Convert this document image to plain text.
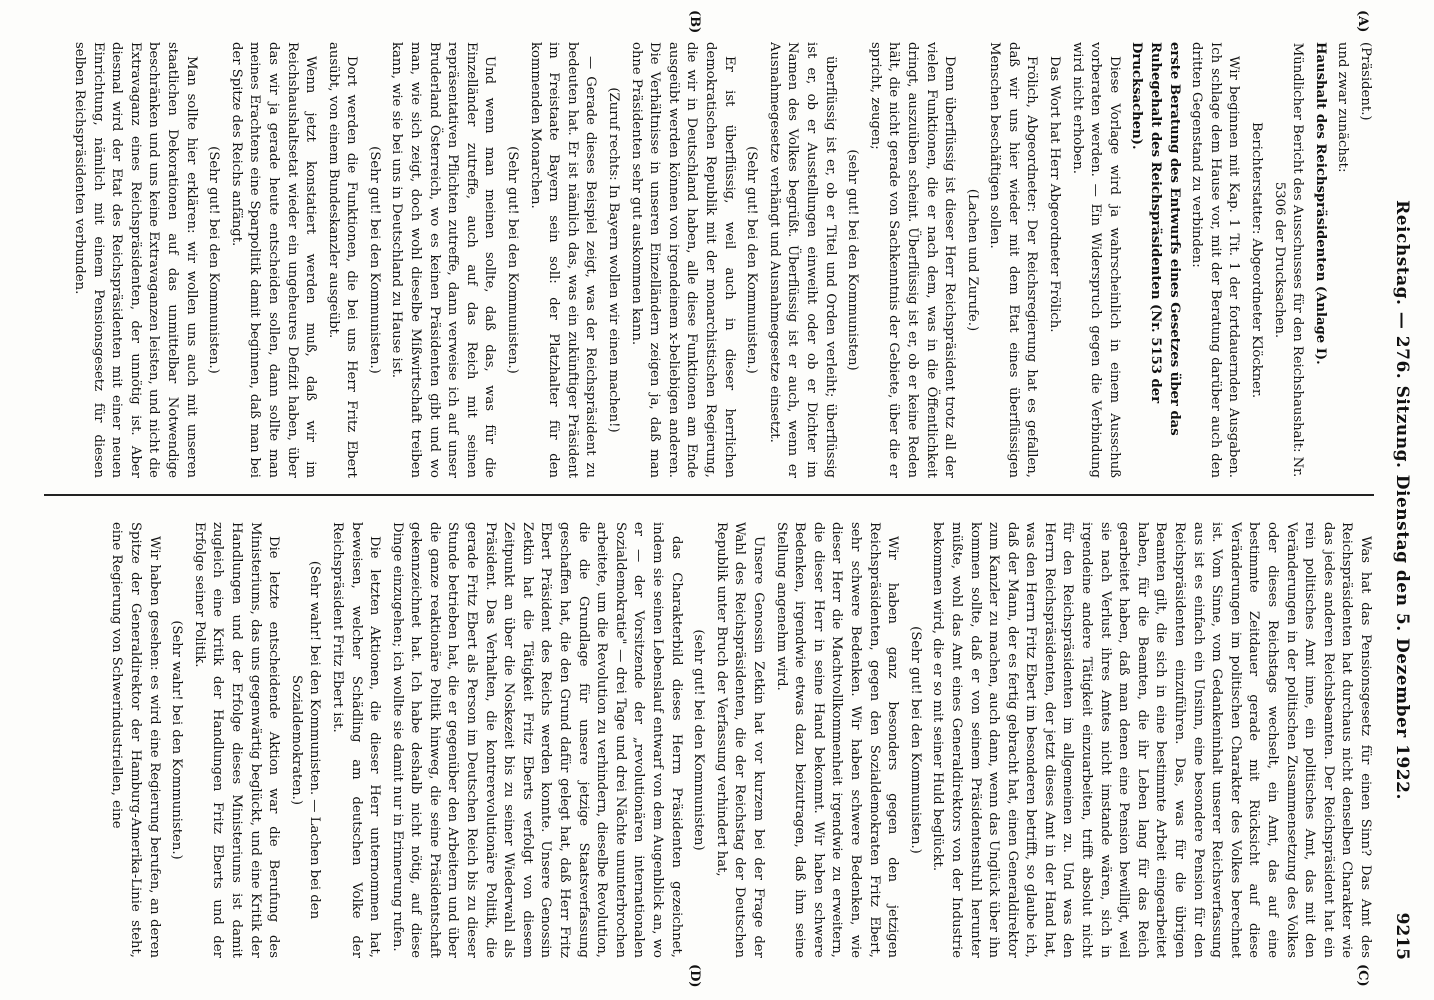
Reichstag. — 276. Sitzung. Dienstag den 5. Dezember 1922.
9215
(A)
(B)
(C)
(D)

(Präsident.)

und zwar zunächst:

Haushalt des Reichspräsidenten (Anlage I).

Mündlicher Bericht des Ausschusses für den Reichshaushalt: Nr. 5306 der Drucksachen.

Berichterstatter: Abgeordneter Klöckner.

Wir beginnen mit Kap. 1 Tit. 1 der fortdauernden Ausgaben. Ich schlage dem Hause vor, mit der Beratung darüber auch den dritten Gegenstand zu verbinden:

erste Beratung des Entwurfs eines Gesetzes über das Ruhegehalt des Reichspräsidenten (Nr. 5153 der Drucksachen).

Diese Vorlage wird ja wahrscheinlich in einem Ausschuß vorberaten werden. — Ein Widerspruch gegen die Verbindung wird nicht erhoben.

Das Wort hat Herr Abgeordneter Frölich.

Frölich, Abgeordneter: Der Reichsregierung hat es gefallen, daß wir uns hier wieder mit dem Etat eines überflüssigen Menschen beschäftigen sollen.

(Lachen und Zurufe.)

Denn überflüssig ist dieser Herr Reichspräsident trotz all der vielen Funktionen, die er nach dem, was in die Öffentlichkeit dringt, auszuüben scheint. Überflüssig ist er, ob er keine Reden hält, die nicht gerade von Sachkenntnis der Gebiete, über die er spricht, zeugen;

(sehr gut! bei den Kommunisten)

überflüssig ist er, ob er Titel und Orden verleiht; überflüssig ist er, ob er Ausstellungen einweiht oder ob er Dichter im Namen des Volkes begrüßt. Überflüssig ist er auch, wenn er Ausnahmegesetze verhängt und Ausnahmegesetze einsetzt.

(Sehr gut! bei den Kommunisten.)

Er ist überflüssig, weil auch in dieser herrlichen demokratischen Republik mit der monarchistischen Regierung, die wir in Deutschland haben, alle diese Funktionen am Ende ausgeübt werden können von irgendeinem x-beliebigen anderen. Die Verhältnisse in unseren Einzelländern zeigen ja, daß man ohne Präsidenten sehr gut auskommen kann.

(Zuruf rechts: In Bayern wollen wir einen machen!)

— Gerade dieses Beispiel zeigt, was der Reichspräsident zu bedeuten hat. Er ist nämlich das, was ein zukünftiger Präsident im Freistaate Bayern sein soll: der Platzhalter für den kommenden Monarchen.

(Sehr gut! bei den Kommunisten.)

Und wenn man meinen sollte, daß das, was für die Einzelländer zutreffe, auch auf das Reich mit seinen repräsentativen Pflichten zutreffe, dann verweise ich auf unser Bruderland Österreich, wo es keinen Präsidenten gibt und wo man, wie sich zeigt, doch wohl dieselbe Mißwirtschaft treiben kann, wie sie bei uns in Deutschland zu Hause ist.

(Sehr gut! bei den Kommunisten.)

Dort werden die Funktionen, die bei uns Herr Fritz Ebert ausübt, von einem Bundeskanzler ausgeübt.

Wenn jetzt konstatiert werden muß, daß wir im Reichshaushaltsetat wieder ein ungeheures Defizit haben, über das wir ja gerade heute entscheiden sollen, dann sollte man meines Erachtens eine Sparpolitik damit beginnen, daß man bei der Spitze des Reichs anfängt.

(Sehr gut! bei den Kommunisten.)

Man sollte hier erklären: wir wollen uns auch mit unseren staatlichen Dekorationen auf das unmittelbar Notwendige beschränken und uns keine Extravaganzen leisten, und nicht die Extravaganz eines Reichspräsidenten, der unnötig ist. Aber diesmal wird der Etat des Reichspräsidenten mit einer neuen Einrichtung, nämlich mit einem Pensionsgesetz für diesen selben Reichspräsidenten verbunden.

Was hat das Pensionsgesetz für einen Sinn? Das Amt des Reichspräsidenten hat durchaus nicht denselben Charakter wie das jedes anderen Reichsbeamten. Der Reichspräsident hat ein rein politisches Amt inne, ein politisches Amt, das mit den Veränderungen in der politischen Zusammensetzung des Volkes oder dieses Reichstags wechselt, ein Amt, das auf eine bestimmte Zeitdauer gerade mit Rücksicht auf diese Veränderungen im politischen Charakter des Volkes berechnet ist. Vom Sinne, vom Gedankeninhalt unserer Reichsverfassung aus ist es einfach ein Unsinn, eine besondere Pension für den Reichspräsidenten einzuführen. Das, was für die übrigen Beamten gilt, die sich in eine bestimmte Arbeit eingearbeitet haben, für die Beamten, die ihr Leben lang für das Reich gearbeitet haben, daß man denen eine Pension bewilligt, weil sie nach Verlust ihres Amtes nicht imstande wären, sich in irgendeine andere Tätigkeit einzuarbeiten, trifft absolut nicht für den Reichspräsidenten im allgemeinen zu. Und was den Herrn Reichspräsidenten, der jetzt dieses Amt in der Hand hat, was den Herrn Fritz Ebert im besonderen betrifft, so glaube ich, daß der Mann, der es fertig gebracht hat, einen Generaldirektor zum Kanzler zu machen, auch dann, wenn das Unglück über ihn kommen sollte, daß er von seinem Präsidentenstuhl herunter müßte, wohl das Amt eines Generaldirektors von der Industrie bekommen wird, die er so mit seiner Huld beglückt.

(Sehr gut! bei den Kommunisten.)

Wir haben ganz besonders gegen den jetzigen Reichspräsidenten, gegen den Sozialdemokraten Fritz Ebert, sehr schwere Bedenken. Wir haben schwere Bedenken, wie dieser Herr die Machtvollkommenheit irgendwie zu erweitern, die dieser Herr in seine Hand bekommt. Wir haben schwere Bedenken, irgendwie etwas dazu beizutragen, daß ihm seine Stellung angenehm wird.

Unsere Genossin Zetkin hat vor kurzem bei der Frage der Wahl des Reichspräsidenten, die der Reichstag der Deutschen Republik unter Bruch der Verfassung verhindert hat,

(sehr gut! bei den Kommunisten)

das Charakterbild dieses Herrn Präsidenten gezeichnet, indem sie seinen Lebenslauf entwarf von dem Augenblick an, wo er — der Vorsitzende der „revolutionären internationalen Sozialdemokratie" — drei Tage und drei Nächte ununterbrochen arbeitete, um die Revolution zu verhindern, dieselbe Revolution, die die Grundlage für unsere jetzige Staatsverfassung geschaffen hat, die den Grund dafür gelegt hat, daß Herr Fritz Ebert Präsident des Reichs werden konnte. Unsere Genossin Zetkin hat die Tätigkeit Fritz Eberts verfolgt von diesem Zeitpunkt an über die Noskezeit bis zu seiner Wiederwahl als Präsident. Das Verhalten, die kontrerevolutionäre Politik, die gerade Fritz Ebert als Person im Deutschen Reich bis zu dieser Stunde betrieben hat, die er gegenüber den Arbeitern und über die ganze reaktionäre Politik hinweg, die seine Präsidentschaft gekennzeichnet hat. Ich habe deshalb nicht nötig, auf diese Dinge einzugehen; ich wollte sie damit nur in Erinnerung rufen.

Die letzten Aktionen, die dieser Herr unternommen hat, beweisen, welcher Schädling am deutschen Volke der Reichspräsident Fritz Ebert ist.

(Sehr wahr! bei den Kommunisten. — Lachen bei den Sozialdemokraten.)

Die letzte entscheidende Aktion war die Berufung des Ministeriums, das uns gegenwärtig beglückt, und eine Kritik der Handlungen und der Erfolge dieses Ministeriums ist damit zugleich eine Kritik der Handlungen Fritz Eberts und der Erfolge seiner Politik.

(Sehr wahr! bei den Kommunisten.)

Wir haben gesehen: es wird eine Regierung berufen, an deren Spitze der Generaldirektor der Hamburg-Amerika-Linie steht, eine Regierung von Schwerindustriellen, eine
